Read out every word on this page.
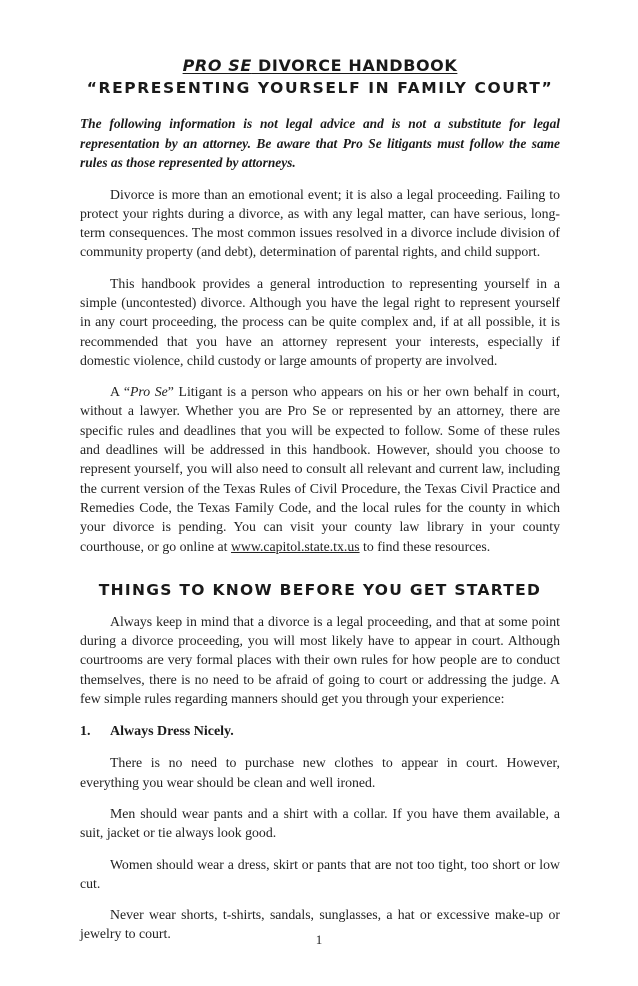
PRO SE DIVORCE HANDBOOK
“REPRESENTING YOURSELF IN FAMILY COURT”

The following information is not legal advice and is not a substitute for legal representation by an attorney. Be aware that Pro Se litigants must follow the same rules as those represented by attorneys.

Divorce is more than an emotional event; it is also a legal proceeding. Failing to protect your rights during a divorce, as with any legal matter, can have serious, long-term consequences. The most common issues resolved in a divorce include division of community property (and debt), determination of parental rights, and child support.

This handbook provides a general introduction to representing yourself in a simple (uncontested) divorce. Although you have the legal right to represent yourself in any court proceeding, the process can be quite complex and, if at all possible, it is recommended that you have an attorney represent your interests, especially if domestic violence, child custody or large amounts of property are involved.

A “Pro Se” Litigant is a person who appears on his or her own behalf in court, without a lawyer. Whether you are Pro Se or represented by an attorney, there are specific rules and deadlines that you will be expected to follow. Some of these rules and deadlines will be addressed in this handbook. However, should you choose to represent yourself, you will also need to consult all relevant and current law, including the current version of the Texas Rules of Civil Procedure, the Texas Civil Practice and Remedies Code, the Texas Family Code, and the local rules for the county in which your divorce is pending. You can visit your county law library in your county courthouse, or go online at www.capitol.state.tx.us to find these resources.

THINGS TO KNOW BEFORE YOU GET STARTED

Always keep in mind that a divorce is a legal proceeding, and that at some point during a divorce proceeding, you will most likely have to appear in court. Although courtrooms are very formal places with their own rules for how people are to conduct themselves, there is no need to be afraid of going to court or addressing the judge. A few simple rules regarding manners should get you through your experience:

1.	Always Dress Nicely.

There is no need to purchase new clothes to appear in court. However, everything you wear should be clean and well ironed.

Men should wear pants and a shirt with a collar. If you have them available, a suit, jacket or tie always look good.

Women should wear a dress, skirt or pants that are not too tight, too short or low cut.

Never wear shorts, t-shirts, sandals, sunglasses, a hat or excessive make-up or jewelry to court.	1
